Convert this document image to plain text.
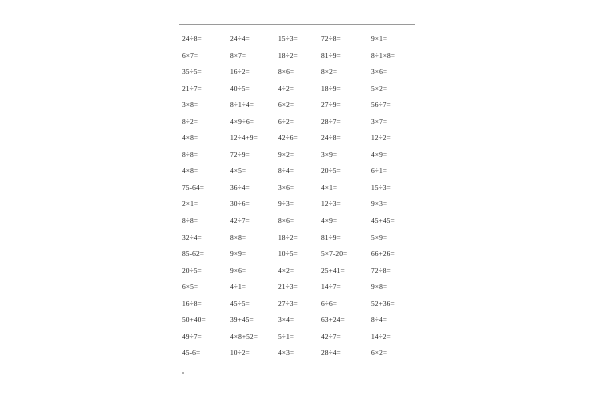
24÷8=	24÷4=	15÷3=	72÷8=	9×1=
6×7=	8×7=	18÷2=	81÷9=	8÷1×8=
35÷5=	16÷2=	8×6=	8×2=	3×6=
21÷7=	40÷5=	4÷2=	18÷9=	5×2=
3×8=	8÷1÷4=	6×2=	27÷9=	56÷7=
8÷2=	4×9÷6=	6÷2=	28÷7=	3×7=
4×8=	12÷4+9=	42÷6=	24÷8=	12÷2=
8÷8=	72÷9=	9×2=	3×9=	4×9=
4×8=	4×5=	8÷4=	20÷5=	6÷1=
75-64=	36÷4=	3×6=	4×1=	15÷3=
2×1=	30÷6=	9÷3=	12÷3=	9×3=
8÷8=	42÷7=	8×6=	4×9=	45+45=
32÷4=	8×8=	18÷2=	81÷9=	5×9=
85-62=	9×9=	10÷5=	5×7-20=	66+26=
20÷5=	9×6=	4×2=	25+41=	72÷8=
6×5=	4÷1=	21÷3=	14÷7=	9×8=
16÷8=	45÷5=	27÷3=	6÷6=	52+36=
50+40=	39+45=	3×4=	63+24=	8÷4=
49÷7=	4×8+52=	5÷1=	42÷7=	14÷2=
45-6=	10÷2=	4×3=	28÷4=	6×2=
